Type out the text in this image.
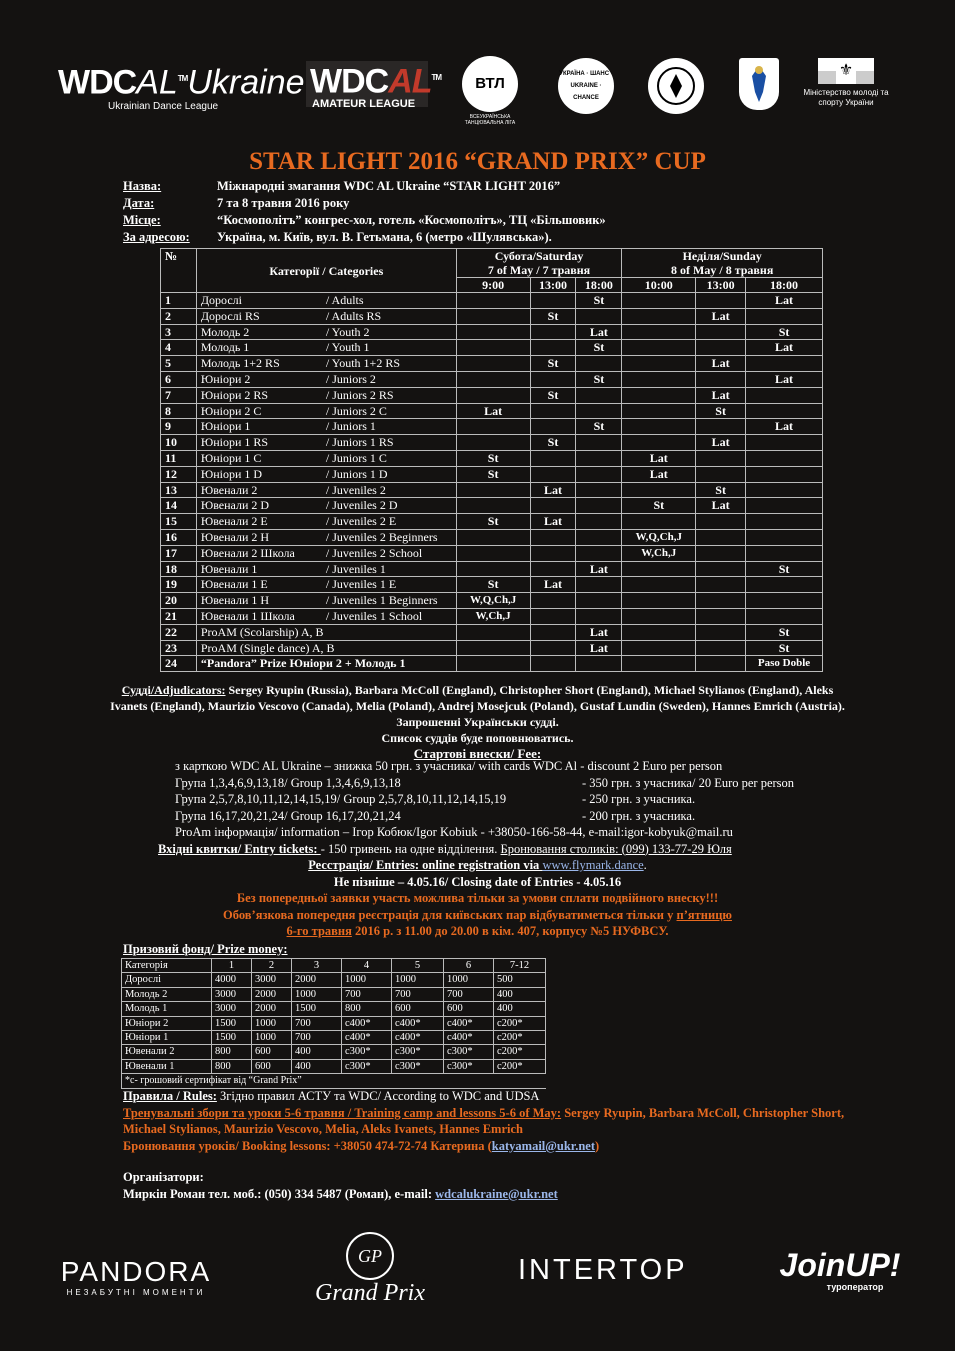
WDCAL™Ukraine
Ukrainian Dance League
WDCAL™
AMATEUR LEAGUE
ВТЛ
ВСЕУКРАЇНСЬКА ТАНЦЮВАЛЬНА ЛІГА
УКРАЇНА · ШАНС · UKRAINE · CHANCE
⚜
Міністерство молоді та спорту України
STAR LIGHT 2016 “GRAND PRIX” CUP
Назва:	Міжнародні змагання WDC AL Ukraine “STAR LIGHT 2016”
Дата:	7 та 8 травня 2016 року
Місце:	“Космополітъ” конгрес-хол, готель «Космополітъ», ТЦ «Більшовик»
За адресою:	Україна, м. Київ, вул. В. Гетьмана, 6 (метро «Шулявська»).
№	Категорії / Categories	Субота/Saturday
7 of May / 7 травня			Неділя/Sunday
8 of May / 8 травня		
		9:00	13:00	18:00	10:00	13:00	18:00
1	Дорослі / Adults			St			Lat
2	Дорослі RS / Adults RS		St			Lat	
3	Молодь 2 / Youth 2			Lat			St
4	Молодь 1 / Youth 1			St			Lat
5	Молодь 1+2 RS / Youth 1+2 RS		St			Lat	
6	Юніори 2 / Juniors 2			St			Lat
7	Юніори 2 RS / Juniors 2 RS		St			Lat	
8	Юніори 2 C / Juniors 2 C	Lat				St	
9	Юніори 1 / Juniors 1			St			Lat
10	Юніори 1 RS / Juniors 1 RS		St			Lat	
11	Юніори 1 C / Juniors 1 C	St			Lat		
12	Юніори 1 D / Juniors 1 D	St			Lat		
13	Ювенали 2 / Juveniles 2		Lat			St	
14	Ювенали 2 D / Juveniles 2 D				St	Lat	
15	Ювенали 2 E / Juveniles 2 E	St	Lat				
16	Ювенали 2 H / Juveniles 2 Beginners				W,Q,Ch,J		
17	Ювенали 2 Школа / Juveniles 2 School				W,Ch,J		
18	Ювенали 1 / Juveniles 1			Lat			St
19	Ювенали 1 E / Juveniles 1 E	St	Lat				
20	Ювенали 1 H / Juveniles 1 Beginners	W,Q,Ch,J					
21	Ювенали 1 Школа / Juveniles 1 School	W,Ch,J					
22	ProAM (Scolarship) A, B			Lat			St
23	ProAM (Single dance) A, B			Lat			St
24	“Pandora” Prize Юніори 2 + Молодь 1						Paso Doble
Судді/Adjudicators: Sergey Ryupin (Russia), Barbara McColl (England), Christopher Short (England), Michael Stylianos (England), Aleks Ivanets (England), Maurizio Vescovo (Canada), Melia (Poland), Andrej Mosejcuk (Poland), Gustaf Lundin (Sweden), Hannes Emrich (Austria). Запрошенні Українськи судді.
Список суддів буде поповнюватись.
Стартові внески/ Fee:
з карткою WDC AL Ukraine – знижка 50 грн. з учасника/ with cards WDC Al - discount 2 Euro per person
Група 1,3,4,6,9,13,18/ Group 1,3,4,6,9,13,18	- 350 грн. з учасника/ 20 Euro per person
Група 2,5,7,8,10,11,12,14,15,19/ Group 2,5,7,8,10,11,12,14,15,19	- 250 грн. з учасника.
Група 16,17,20,21,24/ Group 16,17,20,21,24	- 200 грн. з учасника.
ProAm інформація/ information – Ігор Кобюк/Igor Kobiuk - +38050-166-58-44, e-mail:igor-kobyuk@mail.ru
Вхідні квитки/ Entry tickets: - 150 гривень на одне відділення. Бронювання столиків: (099) 133-77-29 Юля
Ресстрація/ Entries: online registration via www.flymark.dance.
Не пізніше – 4.05.16/ Closing date of Entries - 4.05.16
Без попередньої заявки участь можлива тільки за умови сплати подвійного внеску!!!
Обов’язкова попередня реєстрація для київських пар відбуватиметься тільки у п’ятницю
6-го травня 2016 р. з 11.00 до 20.00 в кім. 407, корпусу №5 НУФВСУ.
Призовий фонд/ Prize money:
Категорія	1	2	3	4	5	6	7-12
Дорослі	4000	3000	2000	1000	1000	1000	500
Молодь 2	3000	2000	1000	700	700	700	400
Молодь 1	3000	2000	1500	800	600	600	400
Юніори 2	1500	1000	700	c400*	c400*	c400*	c200*
Юніори 1	1500	1000	700	c400*	c400*	c400*	c200*
Ювенали 2	800	600	400	c300*	c300*	c300*	c200*
Ювенали 1	800	600	400	c300*	c300*	c300*	c200*
*c- грошовий сертифікат від “Grand Prix”							
Правила / Rules: Згідно правил АСТУ та WDC/ According to WDC and UDSA
Тренувальні збори та уроки 5-6 травня / Training camp and lessons 5-6 of May: Sergey Ryupin, Barbara McColl, Christopher Short, Michael Stylianos, Maurizio Vescovo, Melia, Aleks Ivanets, Hannes Emrich
Бронювання уроків/ Booking lessons: +38050 474-72-74 Катерина (katyamail@ukr.net)
Організатори:
Миркін Роман тел. моб.: (050) 334 5487 (Роман), e-mail: wdcalukraine@ukr.net
PANDORA
НЕЗАБУТНІ МОМЕНТИ
GP
Grand Prix
INTERTOP	JoinUP!
туроператор
